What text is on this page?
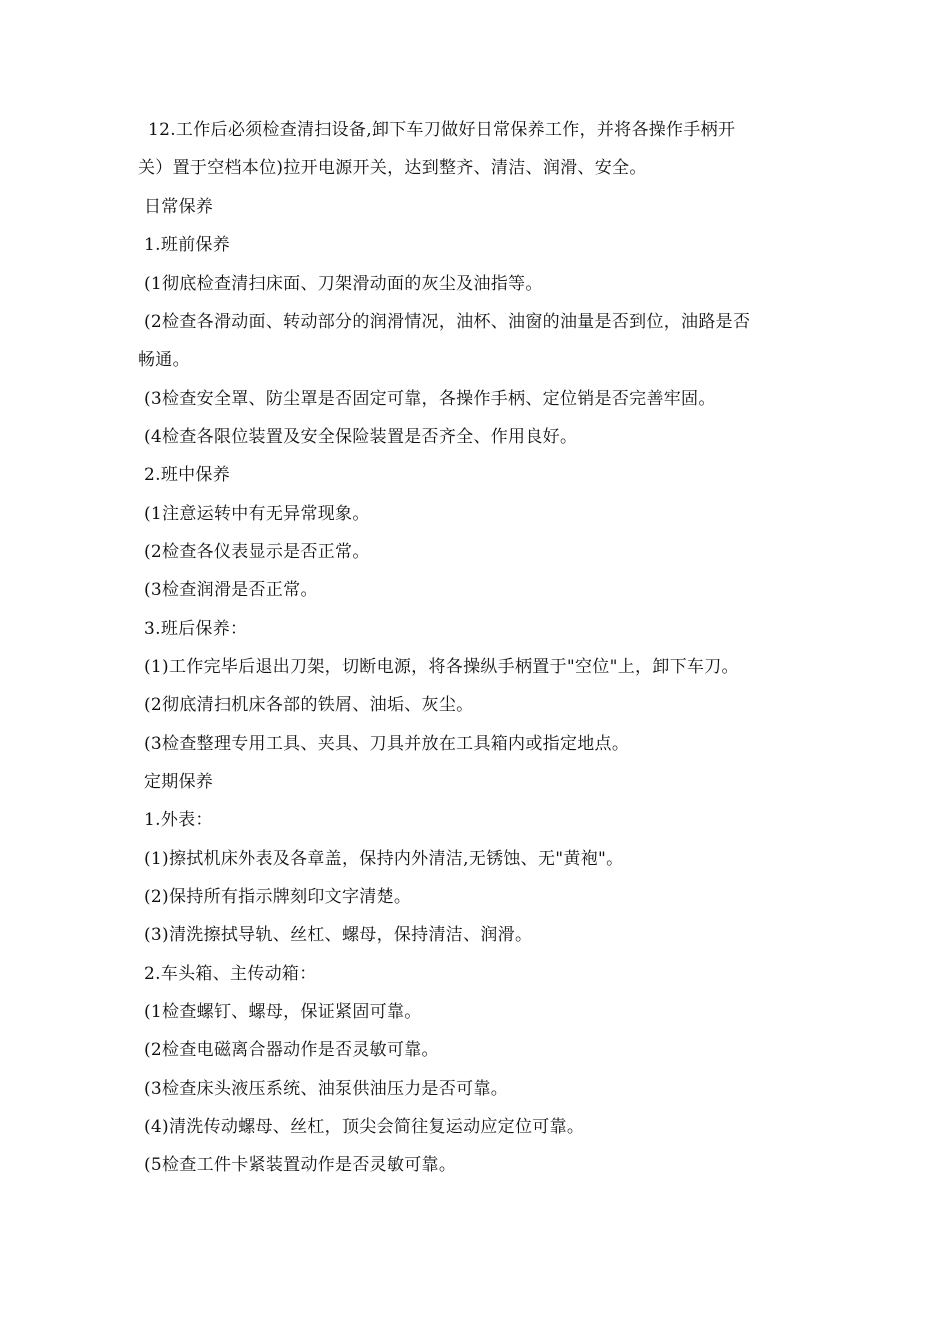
12.工作后必须检查清扫设备,卸下车刀做好日常保养工作，并将各操作手柄开
关）置于空档本位)拉开电源开关，达到整齐、清洁、润滑、安全。
日常保养
1.班前保养
(1彻底检查清扫床面、刀架滑动面的灰尘及油指等。
(2检查各滑动面、转动部分的润滑情况，油杯、油窗的油量是否到位，油路是否
畅通。
(3检查安全罩、防尘罩是否固定可靠，各操作手柄、定位销是否完善牢固。
(4检查各限位装置及安全保险装置是否齐全、作用良好。
2.班中保养
(1注意运转中有无异常现象。
(2检查各仪表显示是否正常。
(3检查润滑是否正常。
3.班后保养：
(1)工作完毕后退出刀架，切断电源，将各操纵手柄置于"空位"上，卸下车刀。
(2彻底清扫机床各部的铁屑、油垢、灰尘。
(3检查整理专用工具、夹具、刀具并放在工具箱内或指定地点。
定期保养
1.外表：
(1)擦拭机床外表及各章盖，保持内外清洁,无锈蚀、无"黄袍"。
(2)保持所有指示牌刻印文字清楚。
(3)清洗擦拭导轨、丝杠、螺母，保持清洁、润滑。
2.车头箱、主传动箱：
(1检查螺钉、螺母，保证紧固可靠。
(2检查电磁离合器动作是否灵敏可靠。
(3检查床头液压系统、油泵供油压力是否可靠。
(4)清洗传动螺母、丝杠，顶尖会简往复运动应定位可靠。
(5检查工件卡紧装置动作是否灵敏可靠。
